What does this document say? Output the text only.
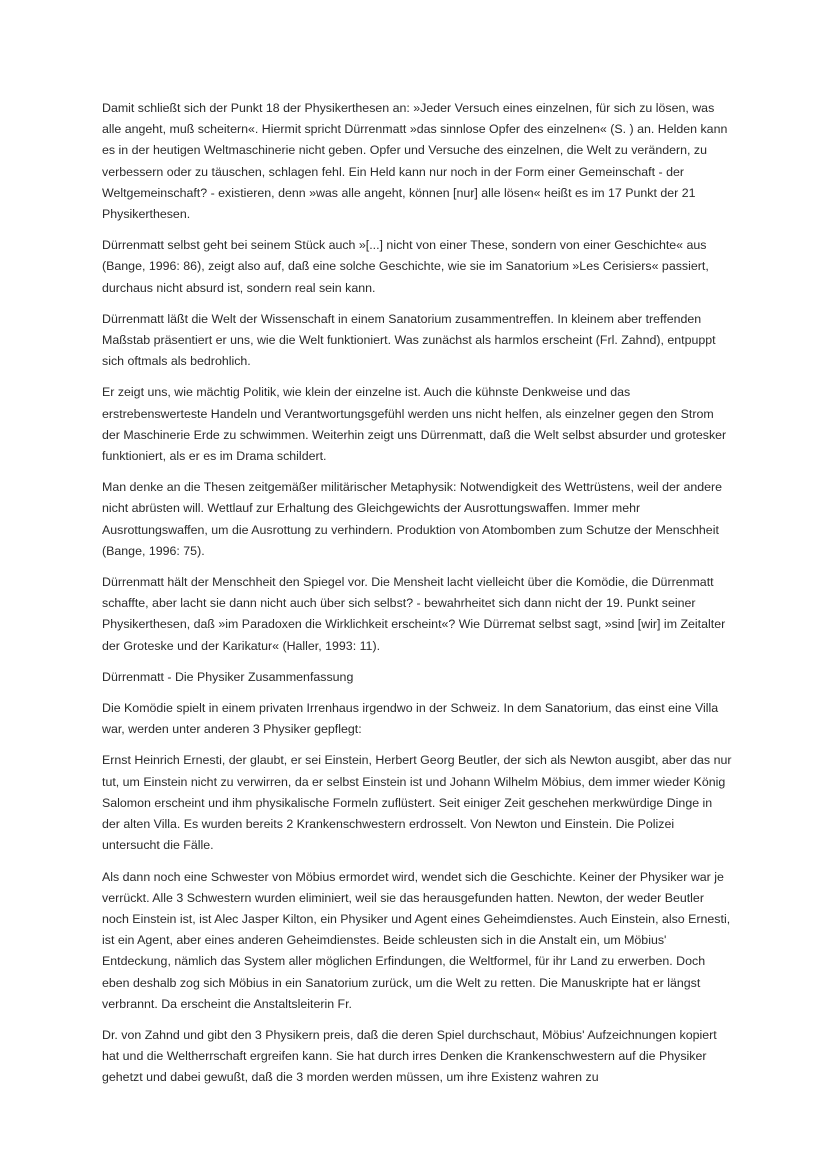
Damit schließt sich der Punkt 18 der Physikerthesen an: »Jeder Versuch eines einzelnen, für sich zu lösen, was alle angeht, muß scheitern«. Hiermit spricht Dürrenmatt »das sinnlose Opfer des einzelnen« (S. ) an. Helden kann es in der heutigen Weltmaschinerie nicht geben. Opfer und Versuche des einzelnen, die Welt zu verändern, zu verbessern oder zu täuschen, schlagen fehl. Ein Held kann nur noch in der Form einer Gemeinschaft - der Weltgemeinschaft? - existieren, denn »was alle angeht, können [nur] alle lösen« heißt es im 17 Punkt der 21 Physikerthesen.

Dürrenmatt selbst geht bei seinem Stück auch »[...] nicht von einer These, sondern von einer Geschichte« aus (Bange, 1996: 86), zeigt also auf, daß eine solche Geschichte, wie sie im Sanatorium »Les Cerisiers« passiert, durchaus nicht absurd ist, sondern real sein kann.

Dürrenmatt läßt die Welt der Wissenschaft in einem Sanatorium zusammentreffen. In kleinem aber treffenden Maßstab präsentiert er uns, wie die Welt funktioniert. Was zunächst als harmlos erscheint (Frl. Zahnd), entpuppt sich oftmals als bedrohlich.

Er zeigt uns, wie mächtig Politik, wie klein der einzelne ist. Auch die kühnste Denkweise und das erstrebenswerteste Handeln und Verantwortungsgefühl werden uns nicht helfen, als einzelner gegen den Strom der Maschinerie Erde zu schwimmen. Weiterhin zeigt uns Dürrenmatt, daß die Welt selbst absurder und grotesker funktioniert, als er es im Drama schildert.

Man denke an die Thesen zeitgemäßer militärischer Metaphysik: Notwendigkeit des Wettrüstens, weil der andere nicht abrüsten will. Wettlauf zur Erhaltung des Gleichgewichts der Ausrottungswaffen. Immer mehr Ausrottungswaffen, um die Ausrottung zu verhindern. Produktion von Atombomben zum Schutze der Menschheit (Bange, 1996: 75).

Dürrenmatt hält der Menschheit den Spiegel vor. Die Mensheit lacht vielleicht über die Komödie, die Dürrenmatt schaffte, aber lacht sie dann nicht auch über sich selbst? - bewahrheitet sich dann nicht der 19. Punkt seiner Physikerthesen, daß »im Paradoxen die Wirklichkeit erscheint«? Wie Dürremat selbst sagt, »sind [wir] im Zeitalter der Groteske und der Karikatur« (Haller, 1993: 11).

Dürrenmatt - Die Physiker Zusammenfassung

Die Komödie spielt in einem privaten Irrenhaus irgendwo in der Schweiz. In dem Sanatorium, das einst eine Villa war, werden unter anderen 3 Physiker gepflegt:

Ernst Heinrich Ernesti, der glaubt, er sei Einstein, Herbert Georg Beutler, der sich als Newton ausgibt, aber das nur tut, um Einstein nicht zu verwirren, da er selbst Einstein ist und Johann Wilhelm Möbius, dem immer wieder König Salomon erscheint und ihm physikalische Formeln zuflüstert. Seit einiger Zeit geschehen merkwürdige Dinge in der alten Villa. Es wurden bereits 2 Krankenschwestern erdrosselt. Von Newton und Einstein. Die Polizei untersucht die Fälle.

Als dann noch eine Schwester von Möbius ermordet wird, wendet sich die Geschichte. Keiner der Physiker war je verrückt. Alle 3 Schwestern wurden eliminiert, weil sie das herausgefunden hatten. Newton, der weder Beutler noch Einstein ist, ist Alec Jasper Kilton, ein Physiker und Agent eines Geheimdienstes. Auch Einstein, also Ernesti, ist ein Agent, aber eines anderen Geheimdienstes. Beide schleusten sich in die Anstalt ein, um Möbius' Entdeckung, nämlich das System aller möglichen Erfindungen, die Weltformel, für ihr Land zu erwerben. Doch eben deshalb zog sich Möbius in ein Sanatorium zurück, um die Welt zu retten. Die Manuskripte hat er längst verbrannt. Da erscheint die Anstaltsleiterin Fr.

Dr. von Zahnd und gibt den 3 Physikern preis, daß die deren Spiel durchschaut, Möbius' Aufzeichnungen kopiert hat und die Weltherrschaft ergreifen kann. Sie hat durch irres Denken die Krankenschwestern auf die Physiker gehetzt und dabei gewußt, daß die 3 morden werden müssen, um ihre Existenz wahren zu
